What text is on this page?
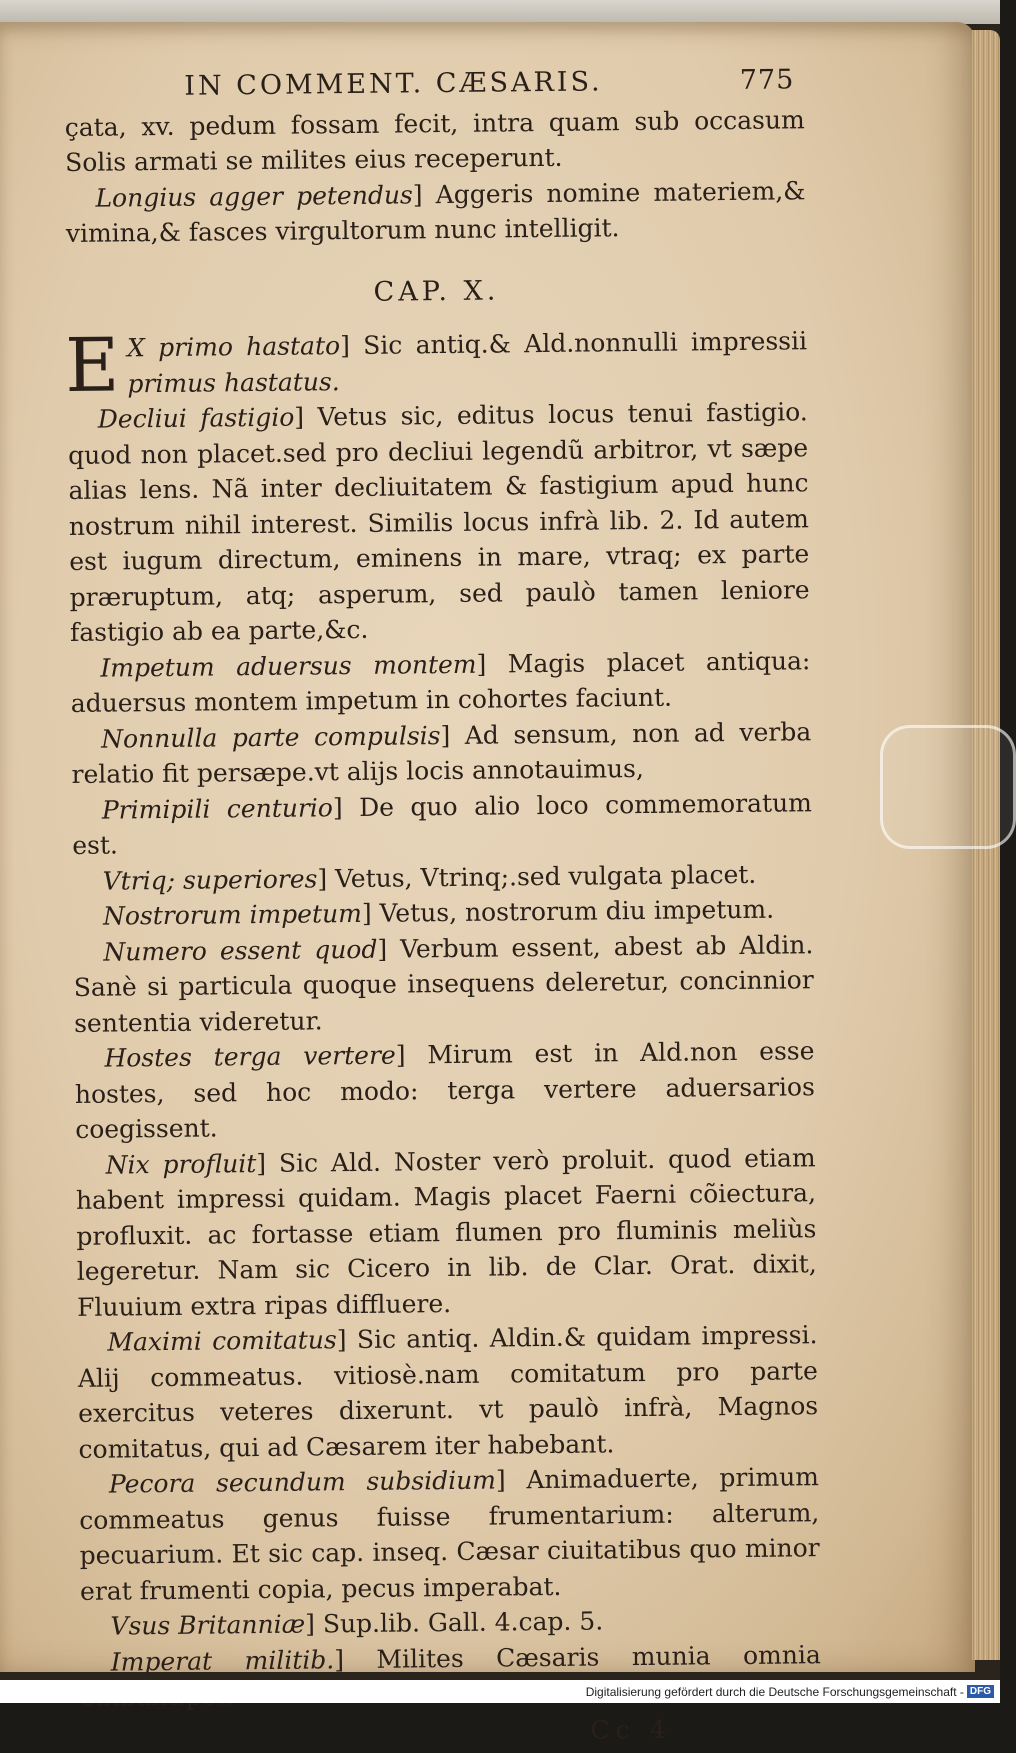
IN COMMENT. CÆSARIS.	775

çata, xv. pedum fossam fecit, intra quam sub occasum Solis armati se milites eius receperunt.

Longius agger petendus] Aggeris nomine materiem,& vimina,& fasces virgultorum nunc intelligit.

CAP. X.

E X primo hastato] Sic antiq.& Ald.nonnulli impressii primus hastatus.

Decliui fastigio] Vetus sic, editus locus tenui fastigio. quod non placet.sed pro decliui legendũ arbitror, vt sæpe alias lens. Nã inter decliuitatem & fastigium apud hunc nostrum nihil interest. Similis locus infrà lib. 2. Id autem est iugum directum, eminens in mare, vtraq; ex parte præruptum, atq; asperum, sed paulò tamen leniore fastigio ab ea parte,&c.

Impetum aduersus montem] Magis placet antiqua: aduersus montem impetum in cohortes faciunt.

Nonnulla parte compulsis] Ad sensum, non ad verba relatio fit persæpe.vt alijs locis annotauimus,

Primipili centurio] De quo alio loco commemoratum est.

Vtriq; superiores] Vetus, Vtrinq;.sed vulgata placet.

Nostrorum impetum] Vetus, nostrorum diu impetum.

Numero essent quod] Verbum essent, abest ab Aldin. Sanè si particula quoque insequens deleretur, concinnior sententia videretur.

Hostes terga vertere] Mirum est in Ald.non esse hostes, sed hoc modo: terga vertere aduersarios coegissent.

Nix profluit] Sic Ald. Noster verò proluit. quod etiam habent impressi quidam. Magis placet Faerni cõiectura, profluxit. ac fortasse etiam flumen pro fluminis meliùs legeretur. Nam sic Cicero in lib. de Clar. Orat. dixit, Fluuium extra ripas diffluere.

Maximi comitatus] Sic antiq. Aldin.& quidam impressi. Alij commeatus. vitiosè.nam comitatum pro parte exercitus veteres dixerunt. vt paulò infrà, Magnos comitatus, qui ad Cæsarem iter habebant.

Pecora secundum subsidium] Animaduerte, primum commeatus genus fuisse frumentarium: alterum, pecuarium. Et sic cap. inseq. Cæsar ciuitatibus quo minor erat frumenti copia, pecus imperabat.

Vsus Britanniæ] Sup.lib. Gall. 4.cap. 5.

Imperat militib.] Milites Cæsaris munia omnia

Cc 4
Digitalisierung gefördert durch die Deutsche Forschungsgemeinschaft - DFG
